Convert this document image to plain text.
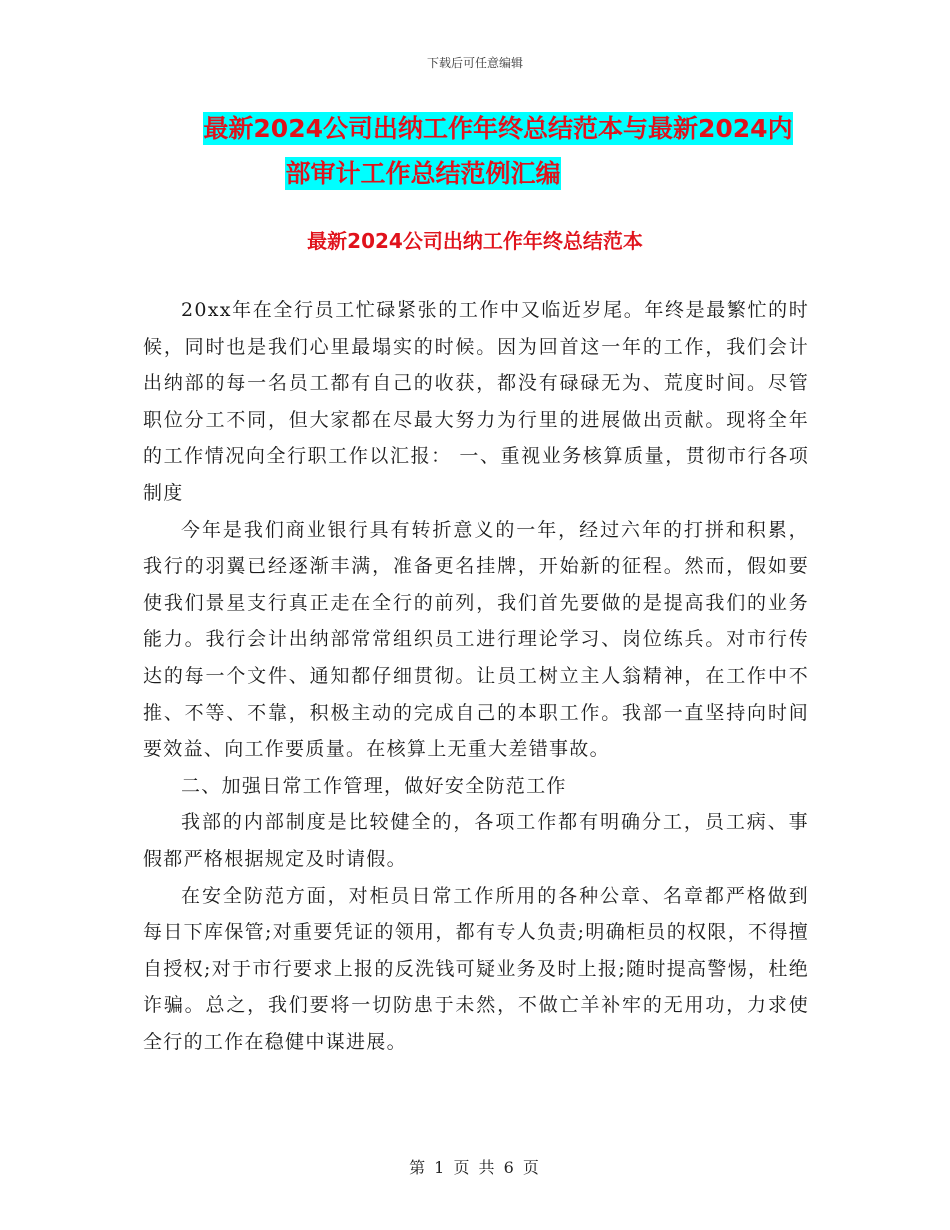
下载后可任意编辑
最新2024公司出纳工作年终总结范本与最新2024内
部审计工作总结范例汇编
最新2024公司出纳工作年终总结范本

20xx年在全行员工忙碌紧张的工作中又临近岁尾。年终是最繁忙的时候，同时也是我们心里最塌实的时候。因为回首这一年的工作，我们会计出纳部的每一名员工都有自己的收获，都没有碌碌无为、荒度时间。尽管职位分工不同，但大家都在尽最大努力为行里的进展做出贡献。现将全年的工作情况向全行职工作以汇报： 一、重视业务核算质量，贯彻市行各项制度

今年是我们商业银行具有转折意义的一年，经过六年的打拼和积累，我行的羽翼已经逐渐丰满，准备更名挂牌，开始新的征程。然而，假如要使我们景星支行真正走在全行的前列，我们首先要做的是提高我们的业务能力。我行会计出纳部常常组织员工进行理论学习、岗位练兵。对市行传达的每一个文件、通知都仔细贯彻。让员工树立主人翁精神，在工作中不推、不等、不靠，积极主动的完成自己的本职工作。我部一直坚持向时间要效益、向工作要质量。在核算上无重大差错事故。

二、加强日常工作管理，做好安全防范工作

我部的内部制度是比较健全的，各项工作都有明确分工，员工病、事假都严格根据规定及时请假。

在安全防范方面，对柜员日常工作所用的各种公章、名章都严格做到每日下库保管;对重要凭证的领用，都有专人负责;明确柜员的权限，不得擅自授权;对于市行要求上报的反洗钱可疑业务及时上报;随时提高警惕，杜绝诈骗。总之，我们要将一切防患于未然，不做亡羊补牢的无用功，力求使全行的工作在稳健中谋进展。

第 1 页 共 6 页
